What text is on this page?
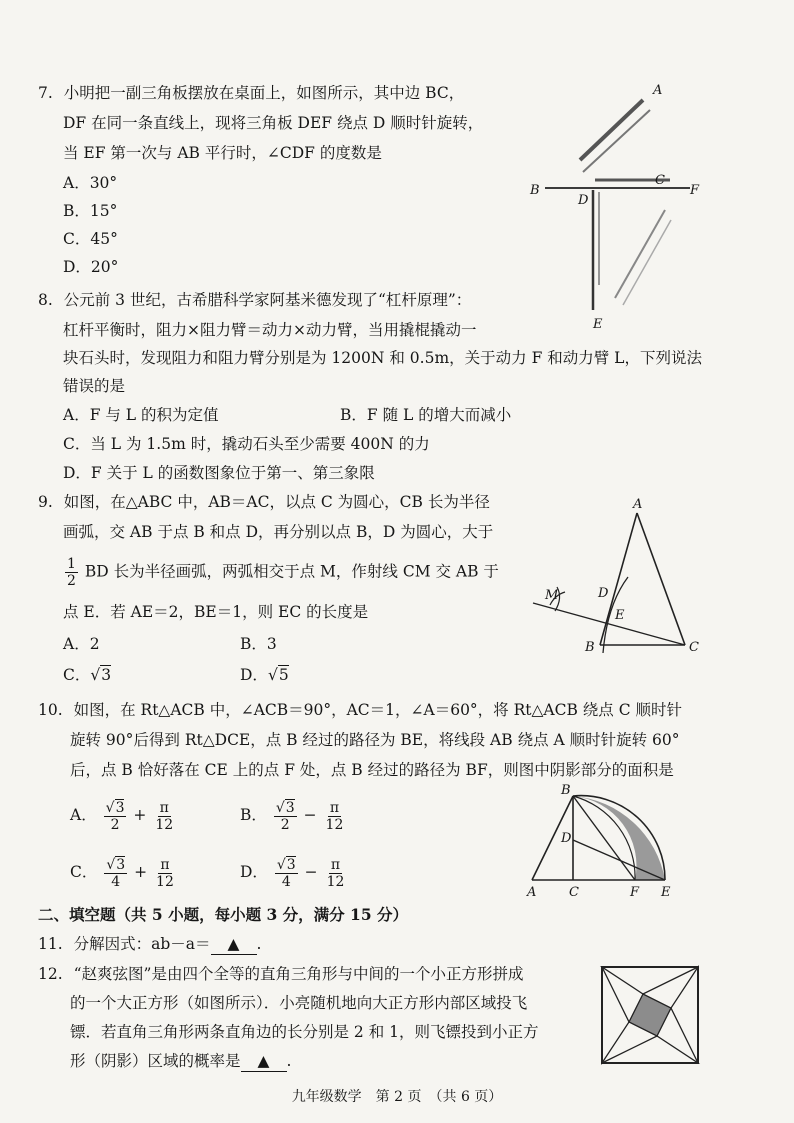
7. 小明把一副三角板摆放在桌面上，如图所示，其中边 BC，
DF 在同一条直线上，现将三角板 DEF 绕点 D 顺时针旋转，
当 EF 第一次与 AB 平行时，∠CDF 的度数是
A．30°
B．15°
C．45°
D．20°
A
B
C
D
F
E
8. 公元前 3 世纪，古希腊科学家阿基米德发现了“杠杆原理”：
杠杆平衡时，阻力×阻力臂＝动力×动力臂，当用撬棍撬动一
块石头时，发现阻力和阻力臂分别是为 1200N 和 0.5m，关于动力 F 和动力臂 L，下列说法
错误的是
A．F 与 L 的积为定值	B．F 随 L 的增大而减小
C．当 L 为 1.5m 时，撬动石头至少需要 400N 的力
D．F 关于 L 的函数图象位于第一、第三象限
9. 如图，在△ABC 中，AB＝AC，以点 C 为圆心，CB 长为半径
画弧，交 AB 于点 B 和点 D，再分别以点 B，D 为圆心，大于
$\frac{1}{2}$ BD 长为半径画弧，两弧相交于点 M，作射线 CM 交 AB 于
点 E．若 AE＝2，BE＝1，则 EC 的长度是
A．2	B．3
C．√3	D．√5
A
M	D
E
B	C
10. 如图，在 Rt△ACB 中，∠ACB＝90°，AC＝1，∠A＝60°，将 Rt△ACB 绕点 C 顺时针
旋转 90°后得到 Rt△DCE，点 B 经过的路径为 BE，将线段 AB 绕点 A 顺时针旋转 60°
后，点 B 恰好落在 CE 上的点 F 处，点 B 经过的路径为 BF，则图中阴影部分的面积是
A． $\frac{√3}{2} + \frac{\pi}{12}$	B． $\frac{√3}{2} - \frac{\pi}{12}$
C． $\frac{√3}{4} + \frac{\pi}{12}$	D． $\frac{√3}{4} - \frac{\pi}{12}$
B
D
A	C	F E
二、填空题（共 5 小题，每小题 3 分，满分 15 分）
11. 分解因式：ab－a＝ ▲ .
12. “赵爽弦图”是由四个全等的直角三角形与中间的一个小正方形拼成
的一个大正方形（如图所示）．小亮随机地向大正方形内部区域投飞
镖．若直角三角形两条直角边的长分别是 2 和 1，则飞镖投到小正方
形（阴影）区域的概率是 ▲ .
九年级数学　第 2 页　（共 6 页）
